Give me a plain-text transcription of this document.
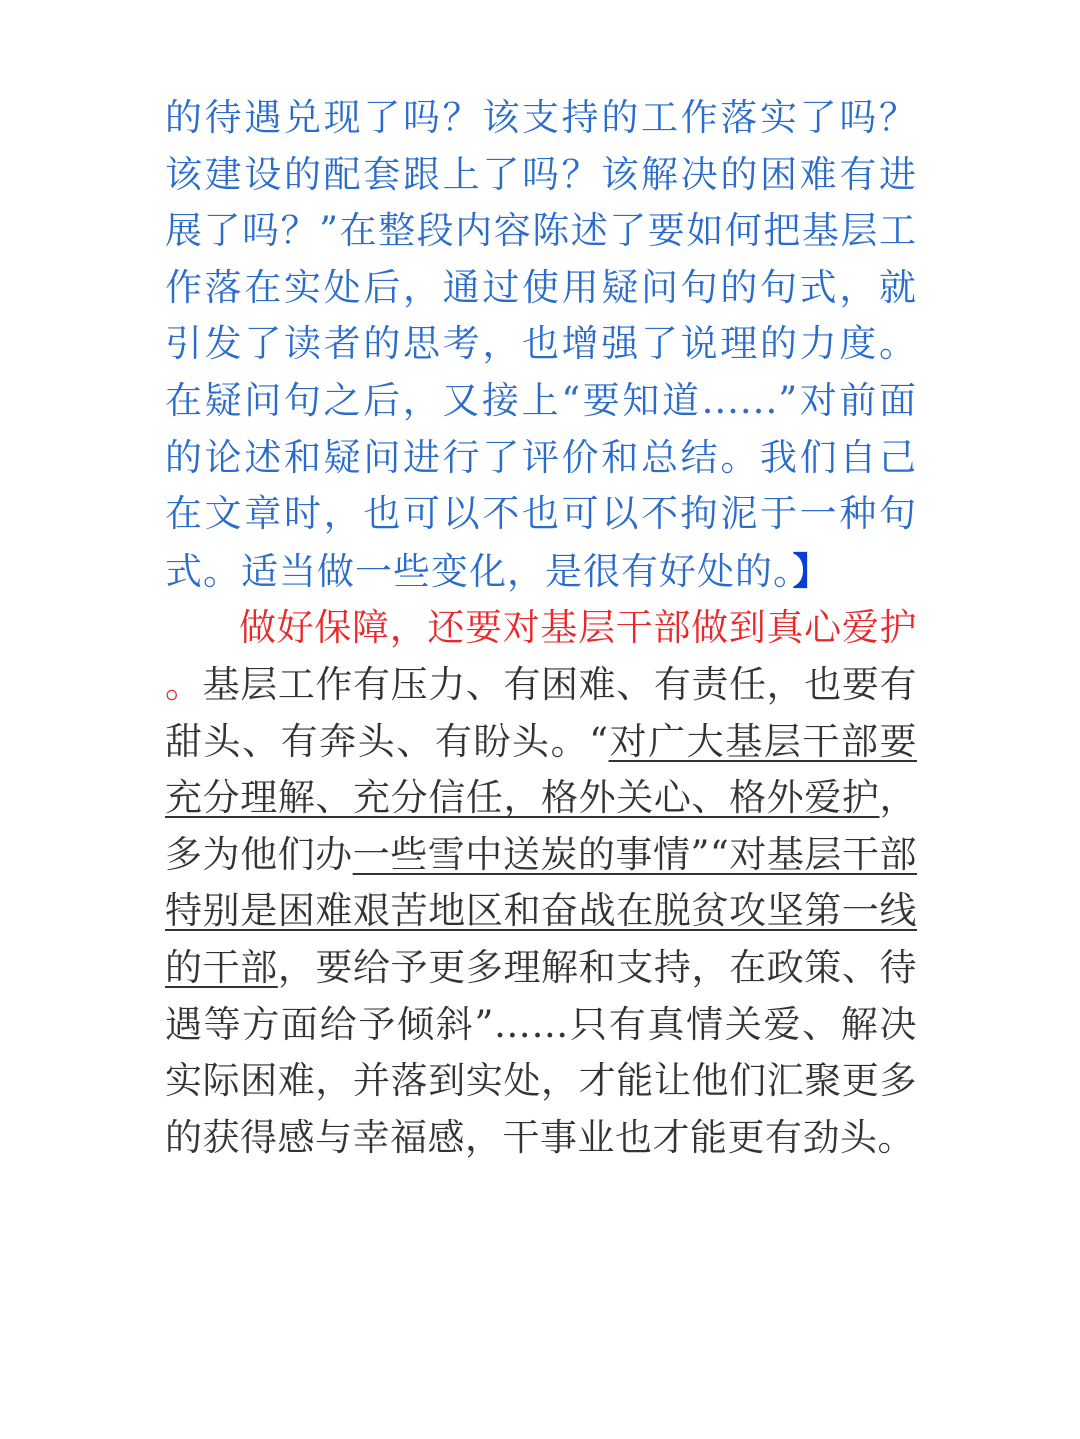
的待遇兑现了吗？该支持的工作落实了吗？该建设的配套跟上了吗？该解决的困难有进展了吗？”在整段内容陈述了要如何把基层工作落在实处后，通过使用疑问句的句式，就引发了读者的思考，也增强了说理的力度。在疑问句之后，又接上“要知道......”对前面的论述和疑问进行了评价和总结。我们自己在文章时，也可以不也可以不拘泥于一种句式。适当做一些变化，是很有好处的。】

做好保障，还要对基层干部做到真心爱护。基层工作有压力、有困难、有责任，也要有甜头、有奔头、有盼头。“对广大基层干部要充分理解、充分信任，格外关心、格外爱护，多为他们办一些雪中送炭的事情”“对基层干部特别是困难艰苦地区和奋战在脱贫攻坚第一线的干部，要给予更多理解和支持，在政策、待遇等方面给予倾斜”……只有真情关爱、解决实际困难，并落到实处，才能让他们汇聚更多的获得感与幸福感，干事业也才能更有劲头。
